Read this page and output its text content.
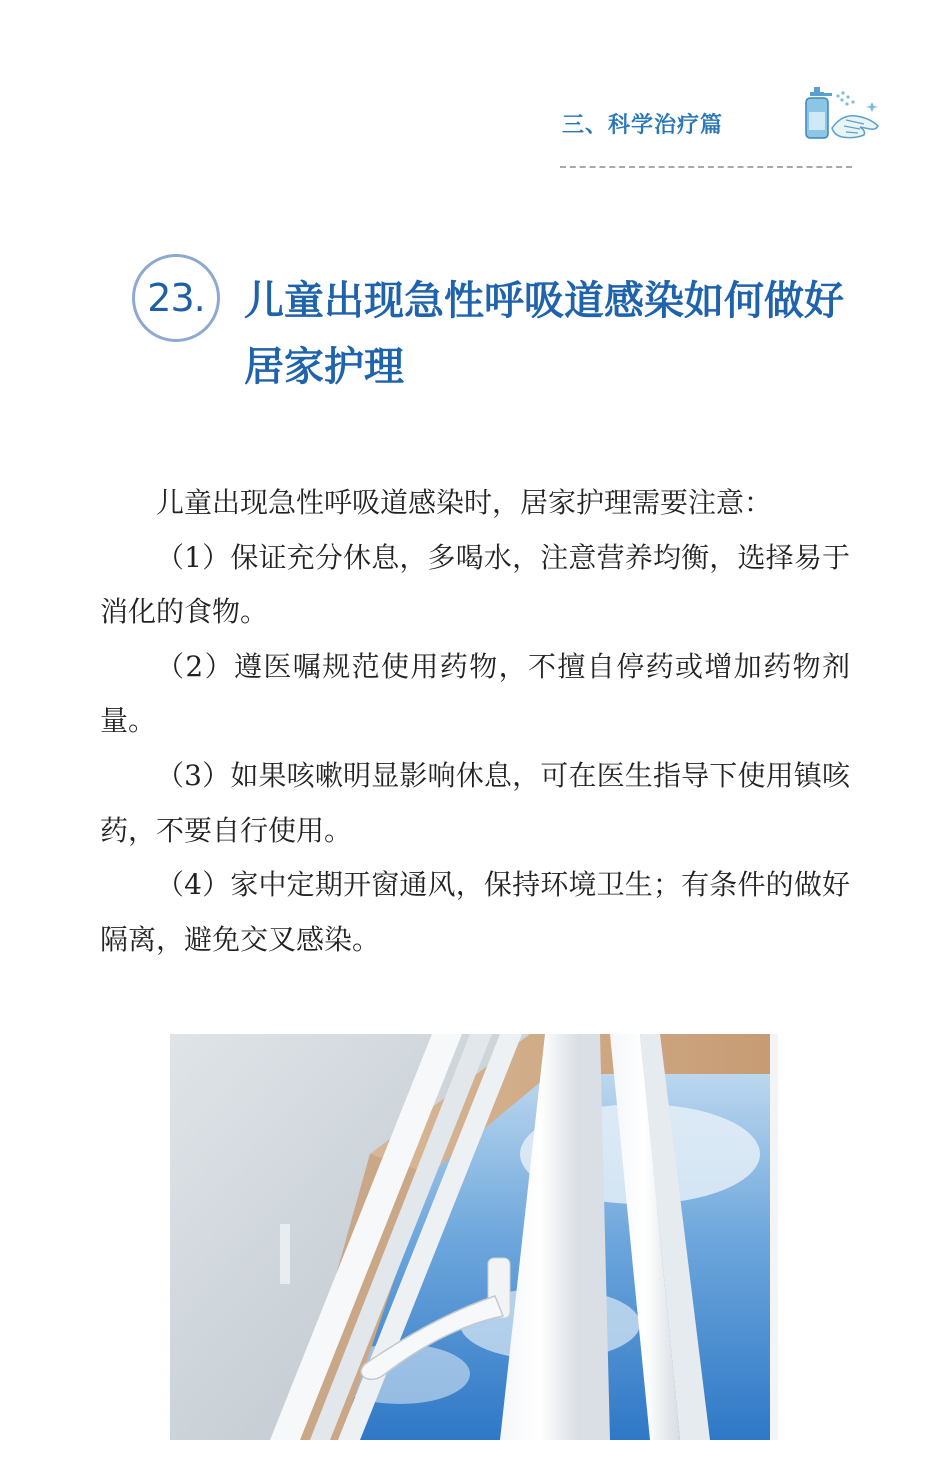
三、科学治疗篇
23. 儿童出现急性呼吸道感染如何做好居家护理

儿童出现急性呼吸道感染时，居家护理需要注意：

（1）保证充分休息，多喝水，注意营养均衡，选择易于消化的食物。

（2）遵医嘱规范使用药物，不擅自停药或增加药物剂量。

（3）如果咳嗽明显影响休息，可在医生指导下使用镇咳药，不要自行使用。

（4）家中定期开窗通风，保持环境卫生；有条件的做好隔离，避免交叉感染。
